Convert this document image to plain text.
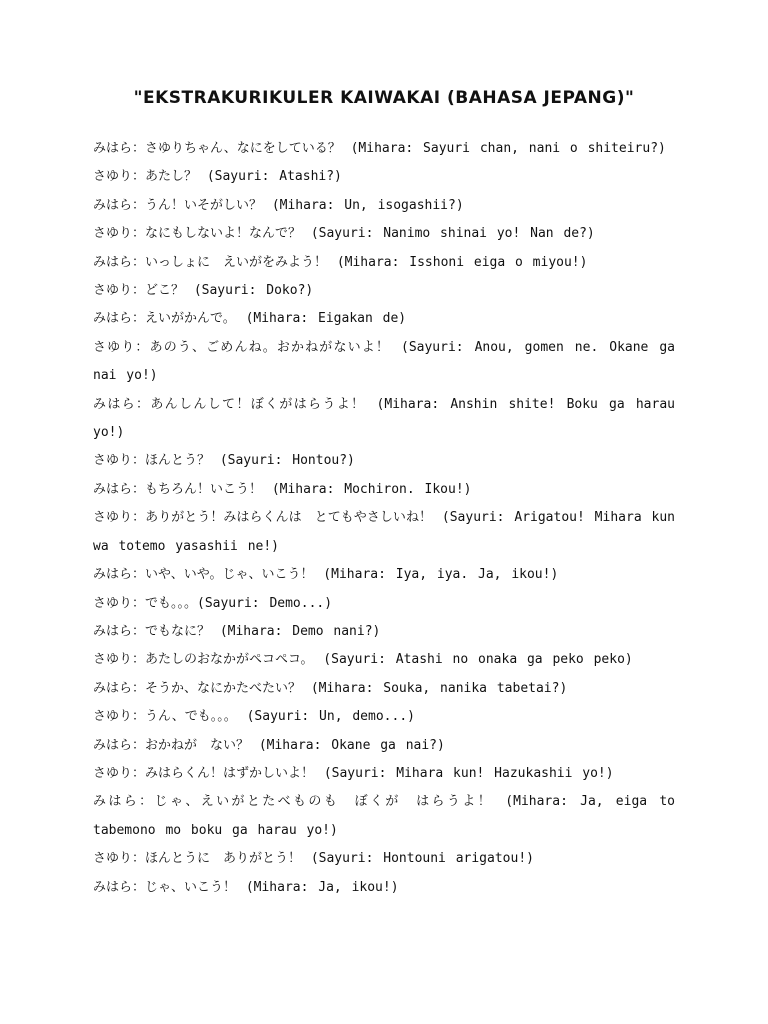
"EKSTRAKURIKULER KAIWAKAI (BAHASA JEPANG)"

みはら：さゆりちゃん、なにをしている？ (Mihara: Sayuri chan, nani o shiteiru?)

さゆり：あたし？ (Sayuri: Atashi?)

みはら：うん！いそがしい？ (Mihara: Un, isogashii?)

さゆり：なにもしないよ！なんで？ (Sayuri: Nanimo shinai yo! Nan de?)

みはら：いっしょに　えいがをみよう！ (Mihara: Isshoni eiga o miyou!)

さゆり：どこ？ (Sayuri: Doko?)

みはら：えいがかんで。 (Mihara: Eigakan de)

さゆり：あのう、ごめんね。おかねがないよ！ (Sayuri: Anou, gomen ne. Okane ga nai yo!)

みはら：あんしんして！ぼくがはらうよ！ (Mihara: Anshin shite! Boku ga harau yo!)

さゆり：ほんとう？ (Sayuri: Hontou?)

みはら：もちろん！いこう！ (Mihara: Mochiron. Ikou!)

さゆり：ありがとう！みはらくんは　とてもやさしいね！ (Sayuri: Arigatou! Mihara kun wa totemo yasashii ne!)

みはら：いや、いや。じゃ、いこう！ (Mihara: Iya, iya. Ja, ikou!)

さゆり：でも。。。(Sayuri: Demo...)

みはら：でもなに？ (Mihara: Demo nani?)

さゆり：あたしのおなかがペコペコ。 (Sayuri: Atashi no onaka ga peko peko)

みはら：そうか、なにかたべたい？ (Mihara: Souka, nanika tabetai?)

さゆり：うん、でも。。。 (Sayuri: Un, demo...)

みはら：おかねが　ない？ (Mihara: Okane ga nai?)

さゆり：みはらくん！はずかしいよ！ (Sayuri: Mihara kun! Hazukashii yo!)

みはら：じゃ、えいがとたべものも　ぼくが　はらうよ！ (Mihara: Ja, eiga to tabemono mo boku ga harau yo!)

さゆり：ほんとうに　ありがとう！ (Sayuri: Hontouni arigatou!)

みはら：じゃ、いこう！ (Mihara: Ja, ikou!)
